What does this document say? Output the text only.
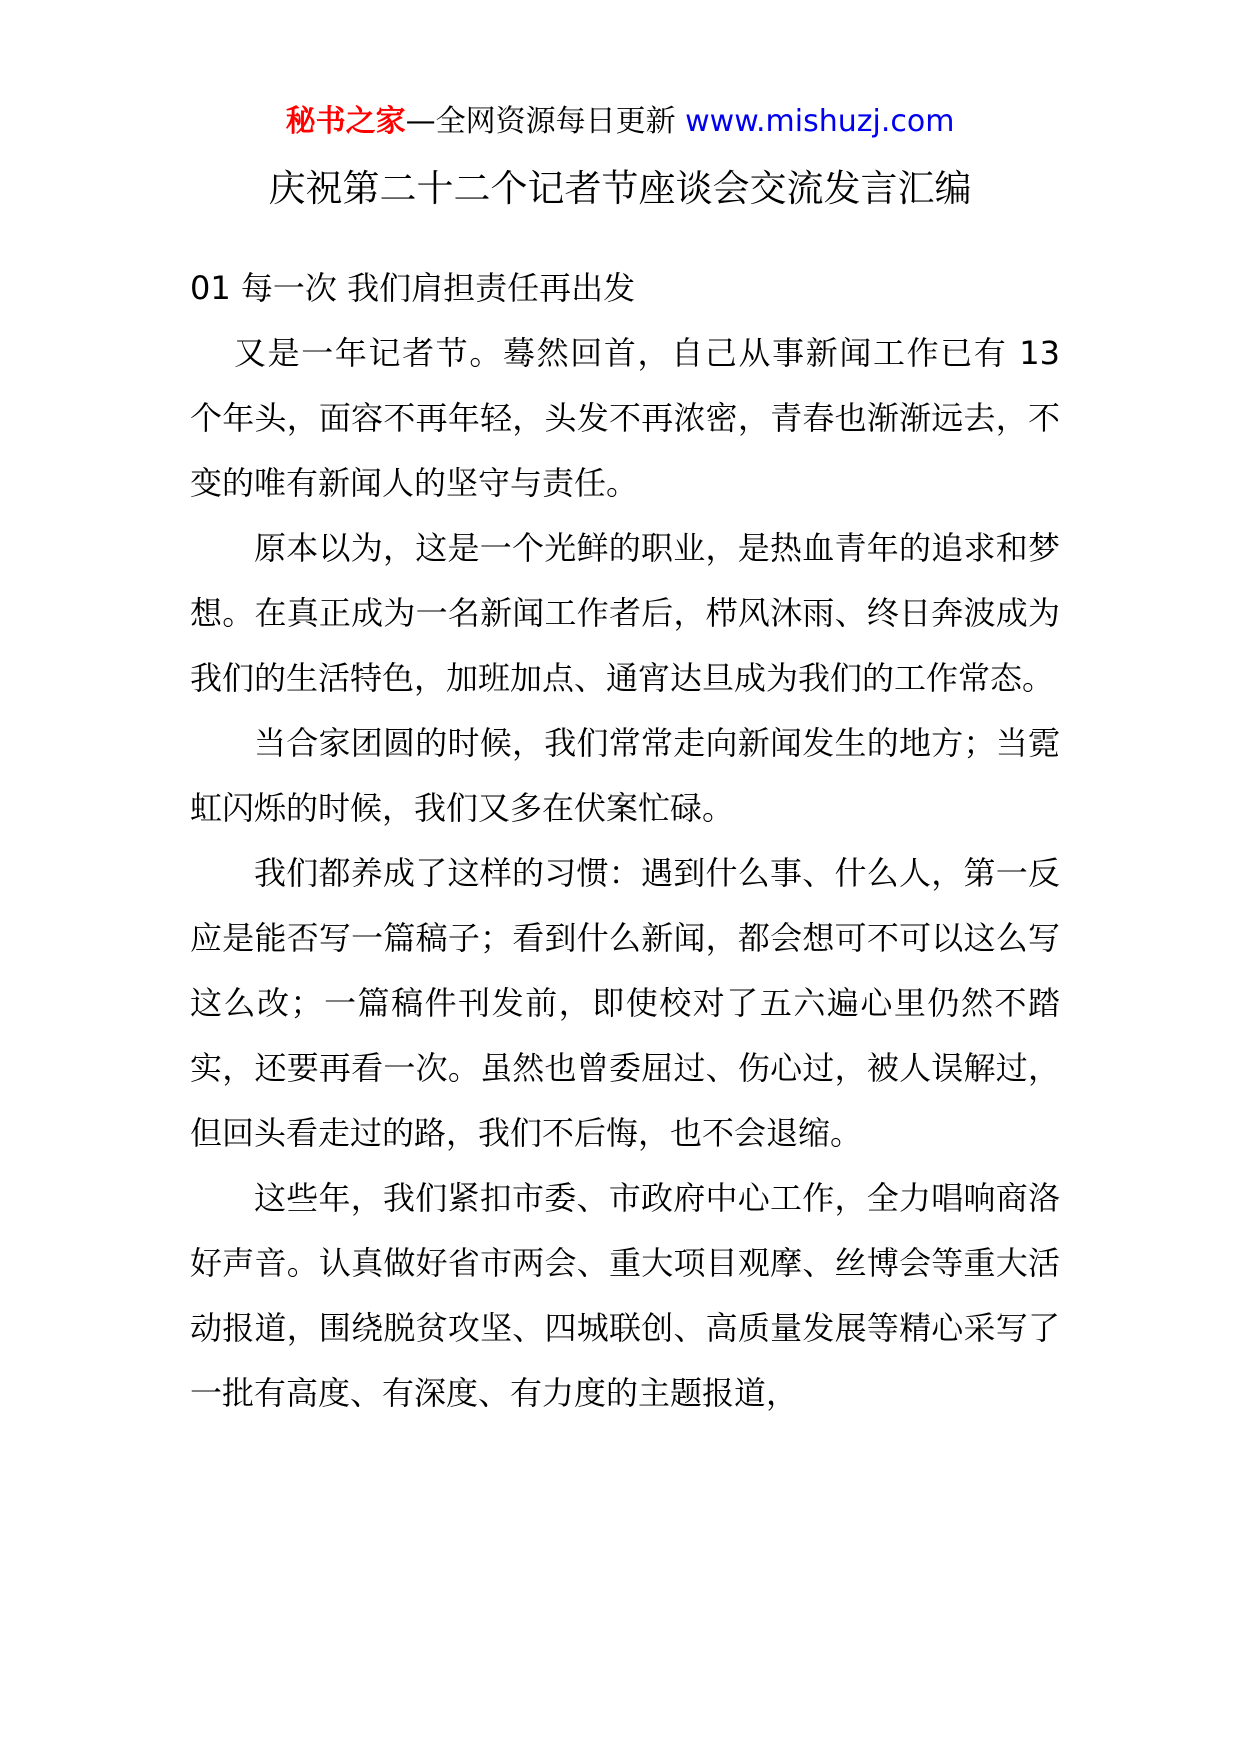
秘书之家—全网资源每日更新 www.mishuzj.com
庆祝第二十二个记者节座谈会交流发言汇编

01 每一次 我们肩担责任再出发

又是一年记者节。蓦然回首，自己从事新闻工作已有 13 个年头，面容不再年轻，头发不再浓密，青春也渐渐远去，不变的唯有新闻人的坚守与责任。

原本以为，这是一个光鲜的职业，是热血青年的追求和梦想。在真正成为一名新闻工作者后，栉风沐雨、终日奔波成为我们的生活特色，加班加点、通宵达旦成为我们的工作常态。

当合家团圆的时候，我们常常走向新闻发生的地方；当霓虹闪烁的时候，我们又多在伏案忙碌。

我们都养成了这样的习惯：遇到什么事、什么人，第一反应是能否写一篇稿子；看到什么新闻，都会想可不可以这么写这么改；一篇稿件刊发前，即使校对了五六遍心里仍然不踏实，还要再看一次。虽然也曾委屈过、伤心过，被人误解过，但回头看走过的路，我们不后悔，也不会退缩。

这些年，我们紧扣市委、市政府中心工作，全力唱响商洛好声音。认真做好省市两会、重大项目观摩、丝博会等重大活动报道，围绕脱贫攻坚、四城联创、高质量发展等精心采写了一批有高度、有深度、有力度的主题报道，
